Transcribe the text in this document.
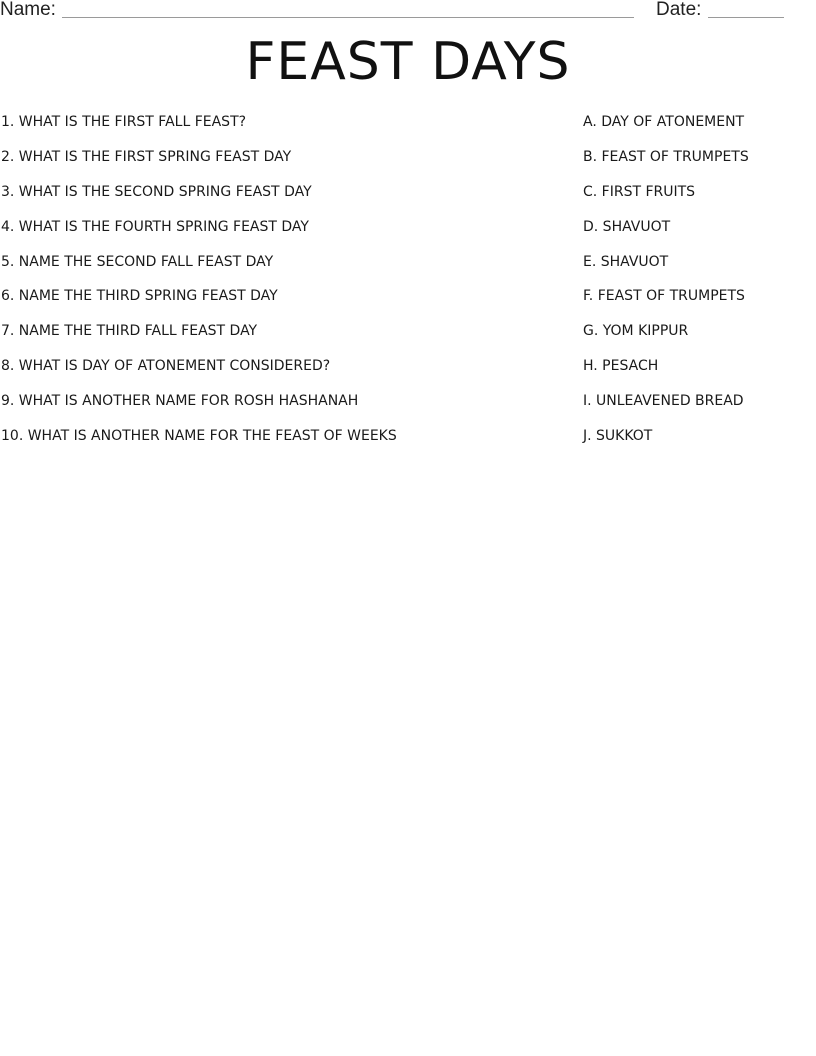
Name:	Date:
FEAST DAYS
1. WHAT IS THE FIRST FALL FEAST?
2. WHAT IS THE FIRST SPRING FEAST DAY
3. WHAT IS THE SECOND SPRING FEAST DAY
4. WHAT IS THE FOURTH SPRING FEAST DAY
5. NAME THE SECOND FALL FEAST DAY
6. NAME THE THIRD SPRING FEAST DAY
7. NAME THE THIRD FALL FEAST DAY
8. WHAT IS DAY OF ATONEMENT CONSIDERED?
9. WHAT IS ANOTHER NAME FOR ROSH HASHANAH
10. WHAT IS ANOTHER NAME FOR THE FEAST OF WEEKS
A. DAY OF ATONEMENT
B. FEAST OF TRUMPETS
C. FIRST FRUITS
D. SHAVUOT
E. SHAVUOT
F. FEAST OF TRUMPETS
G. YOM KIPPUR
H. PESACH
I. UNLEAVENED BREAD
J. SUKKOT
